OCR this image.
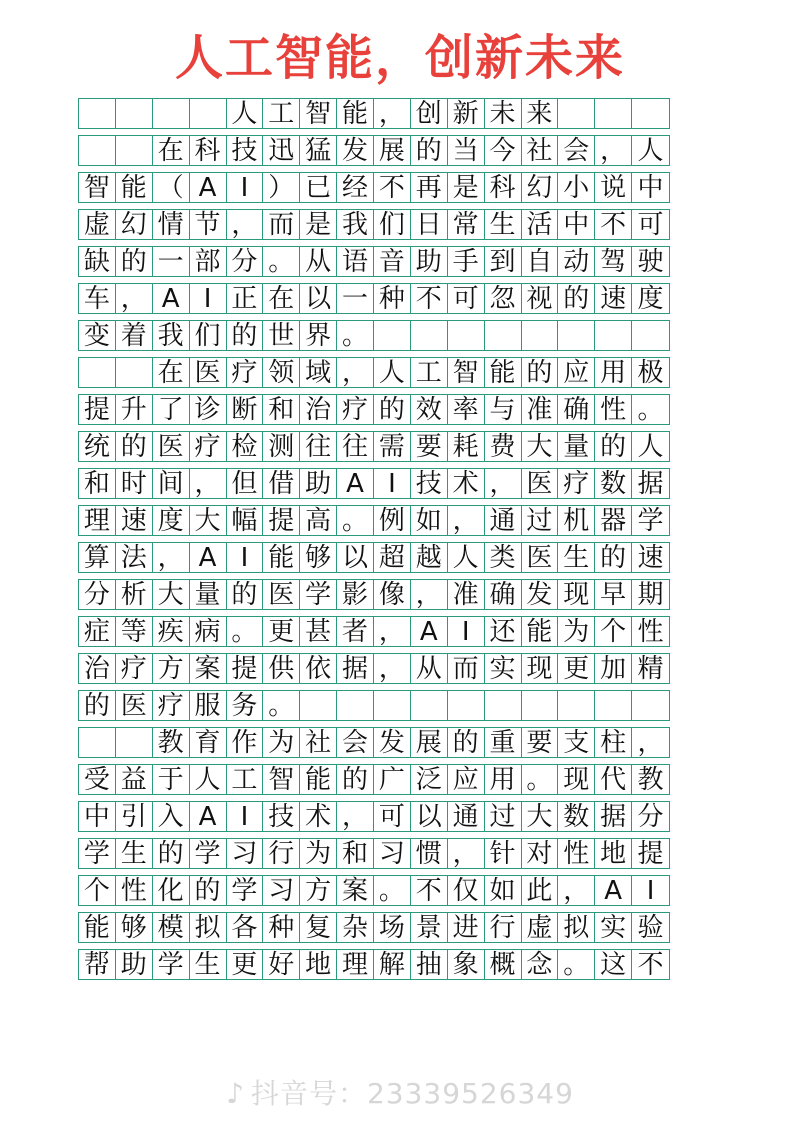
人工智能，创新未来
人 工 智 能 ， 创 新 未 来
在 科 技 迅 猛 发 展 的 当 今 社 会 ， 人
智 能 （ A I ） 已 经 不 再 是 科 幻 小 说 中
虚 幻 情 节 ， 而 是 我 们 日 常 生 活 中 不 可
缺 的 一 部 分 。 从 语 音 助 手 到 自 动 驾 驶
车 ， A I 正 在 以 一 种 不 可 忽 视 的 速 度
变 着 我 们 的 世 界 。
在 医 疗 领 域 ， 人 工 智 能 的 应 用 极
提 升 了 诊 断 和 治 疗 的 效 率 与 准 确 性 。
统 的 医 疗 检 测 往 往 需 要 耗 费 大 量 的 人
和 时 间 ， 但 借 助 A I 技 术 ， 医 疗 数 据
理 速 度 大 幅 提 高 。 例 如 ， 通 过 机 器 学
算 法 ， A I 能 够 以 超 越 人 类 医 生 的 速
分 析 大 量 的 医 学 影 像 ， 准 确 发 现 早 期
症 等 疾 病 。 更 甚 者 ， A I 还 能 为 个 性
治 疗 方 案 提 供 依 据 ， 从 而 实 现 更 加 精
的 医 疗 服 务 。
教 育 作 为 社 会 发 展 的 重 要 支 柱 ，
受 益 于 人 工 智 能 的 广 泛 应 用 。 现 代 教
中 引 入 A I 技 术 ， 可 以 通 过 大 数 据 分
学 生 的 学 习 行 为 和 习 惯 ， 针 对 性 地 提
个 性 化 的 学 习 方 案 。 不 仅 如 此 ， A I
能 够 模 拟 各 种 复 杂 场 景 进 行 虚 拟 实 验
帮 助 学 生 更 好 地 理 解 抽 象 概 念 。 这 不
♪ 抖音号：23339526349
